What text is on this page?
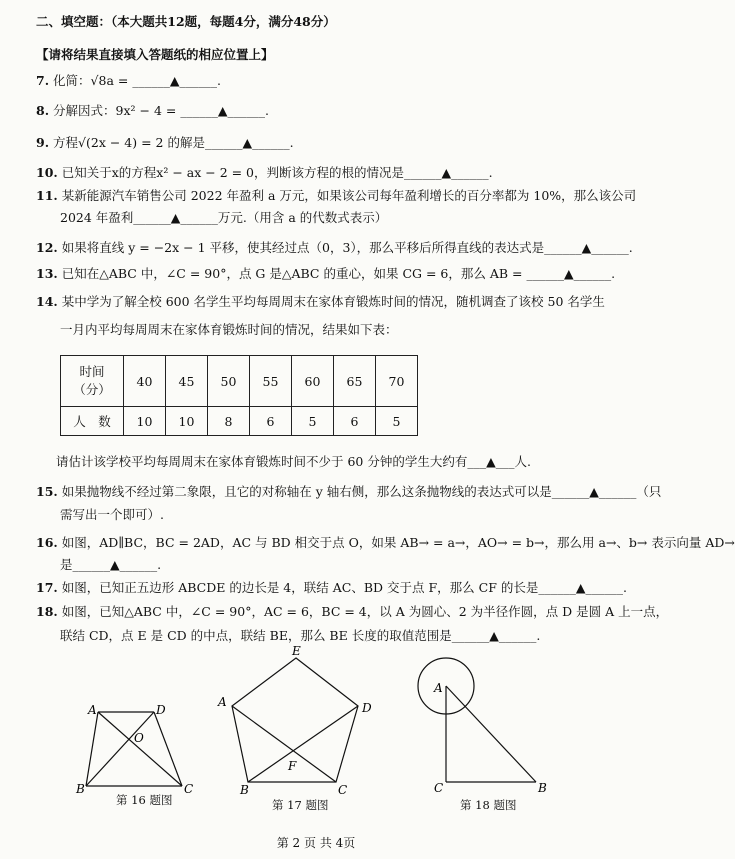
二、填空题：（本大题共12题，每题4分，满分48分）
【请将结果直接填入答题纸的相应位置上】
7. 化简：√8a = ______▲______.
8. 分解因式：9x² − 4 = ______▲______.
9. 方程√(2x − 4) = 2 的解是______▲______.
10. 已知关于x的方程x² − ax − 2 = 0，判断该方程的根的情况是______▲______.
11. 某新能源汽车销售公司 2022 年盈利 a 万元，如果该公司每年盈利增长的百分率都为 10%，那么该公司
2024 年盈利______▲______万元.（用含 a 的代数式表示）
12. 如果将直线 y = −2x − 1 平移，使其经过点（0，3），那么平移后所得直线的表达式是______▲______.
13. 已知在△ABC 中，∠C = 90°，点 G 是△ABC 的重心，如果 CG = 6，那么 AB = ______▲______.
14. 某中学为了解全校 600 名学生平均每周周末在家体育锻炼时间的情况，随机调查了该校 50 名学生
一月内平均每周周末在家体育锻炼时间的情况，结果如下表：
时间
（分）	40	45	50	55	60	65	70
人　数	10	10	8	6	5	6	5
请估计该学校平均每周周末在家体育锻炼时间不少于 60 分钟的学生大约有___▲___人.
15. 如果抛物线不经过第二象限，且它的对称轴在 y 轴右侧，那么这条抛物线的表达式可以是______▲______（只
需写出一个即可）.
16. 如图，AD∥BC，BC = 2AD，AC 与 BD 相交于点 O，如果 AB→ = a→，AO→ = b→，那么用 a→、b→ 表示向量 AD→
是______▲______.
17. 如图，已知正五边形 ABCDE 的边长是 4，联结 AC、BD 交于点 F，那么 CF 的长是______▲______.
18. 如图，已知△ABC 中，∠C = 90°，AC = 6，BC = 4，以 A 为圆心、2 为半径作圆，点 D 是圆 A 上一点，
联结 CD，点 E 是 CD 的中点，联结 BE，那么 BE 长度的取值范围是______▲______.
A	D
O
B	C
第 16 题图
E
A	D
F
B	C
第 17 题图
A
C	B
第 18 题图
第 2 页 共 4页
